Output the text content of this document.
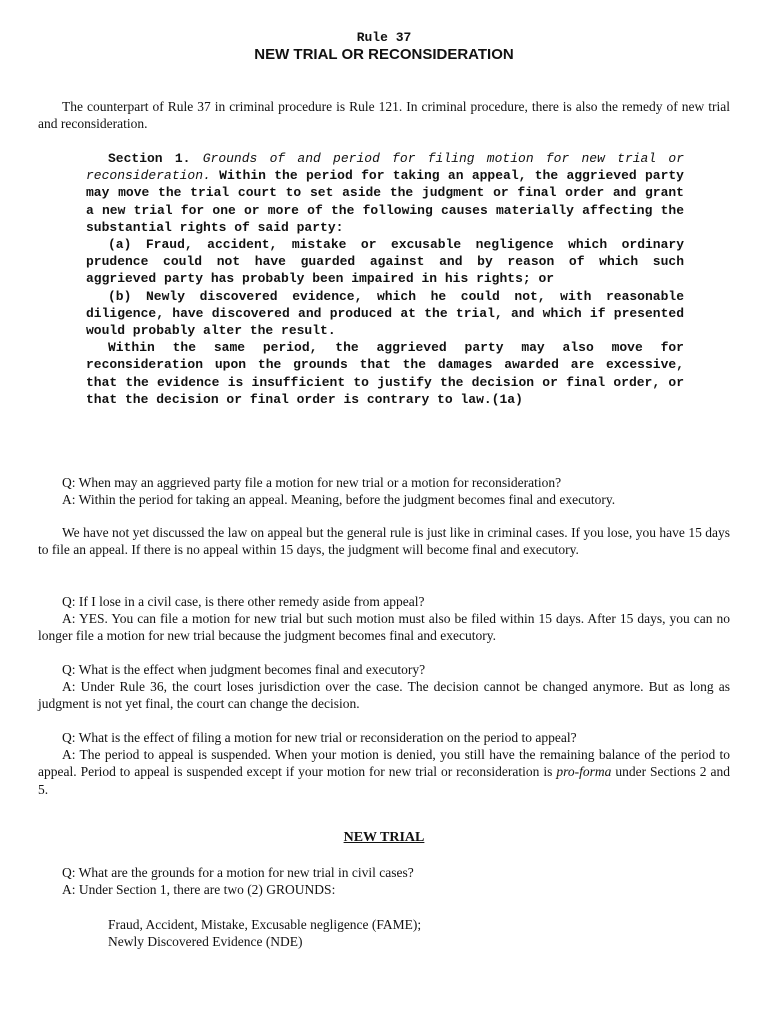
Rule 37
NEW TRIAL OR RECONSIDERATION

The counterpart of Rule 37 in criminal procedure is Rule 121. In criminal procedure, there is also the remedy of new trial and reconsideration.

Section 1. Grounds of and period for filing motion for new trial or reconsideration. Within the period for taking an appeal, the aggrieved party may move the trial court to set aside the judgment or final order and grant a new trial for one or more of the following causes materially affecting the substantial rights of said party:
(a) Fraud, accident, mistake or excusable negligence which ordinary prudence could not have guarded against and by reason of which such aggrieved party has probably been impaired in his rights; or
(b) Newly discovered evidence, which he could not, with reasonable diligence, have discovered and produced at the trial, and which if presented would probably alter the result.
Within the same period, the aggrieved party may also move for reconsideration upon the grounds that the damages awarded are excessive, that the evidence is insufficient to justify the decision or final order, or that the decision or final order is contrary to law.(1a)
Q: When may an aggrieved party file a motion for new trial or a motion for reconsideration?
A: Within the period for taking an appeal. Meaning, before the judgment becomes final and executory.

We have not yet discussed the law on appeal but the general rule is just like in criminal cases. If you lose, you have 15 days to file an appeal. If there is no appeal within 15 days, the judgment will become final and executory.

Q: If I lose in a civil case, is there other remedy aside from appeal?
A: YES. You can file a motion for new trial but such motion must also be filed within 15 days. After 15 days, you can no longer file a motion for new trial because the judgment becomes final and executory.
Q: What is the effect when judgment becomes final and executory?
A: Under Rule 36, the court loses jurisdiction over the case. The decision cannot be changed anymore. But as long as judgment is not yet final, the court can change the decision.
Q: What is the effect of filing a motion for new trial or reconsideration on the period to appeal?
A: The period to appeal is suspended. When your motion is denied, you still have the remaining balance of the period to appeal. Period to appeal is suspended except if your motion for new trial or reconsideration is pro-forma under Sections 2 and 5.
NEW TRIAL
Q: What are the grounds for a motion for new trial in civil cases?
A: Under Section 1, there are two (2) GROUNDS:
Fraud, Accident, Mistake, Excusable negligence (FAME);
Newly Discovered Evidence (NDE)
